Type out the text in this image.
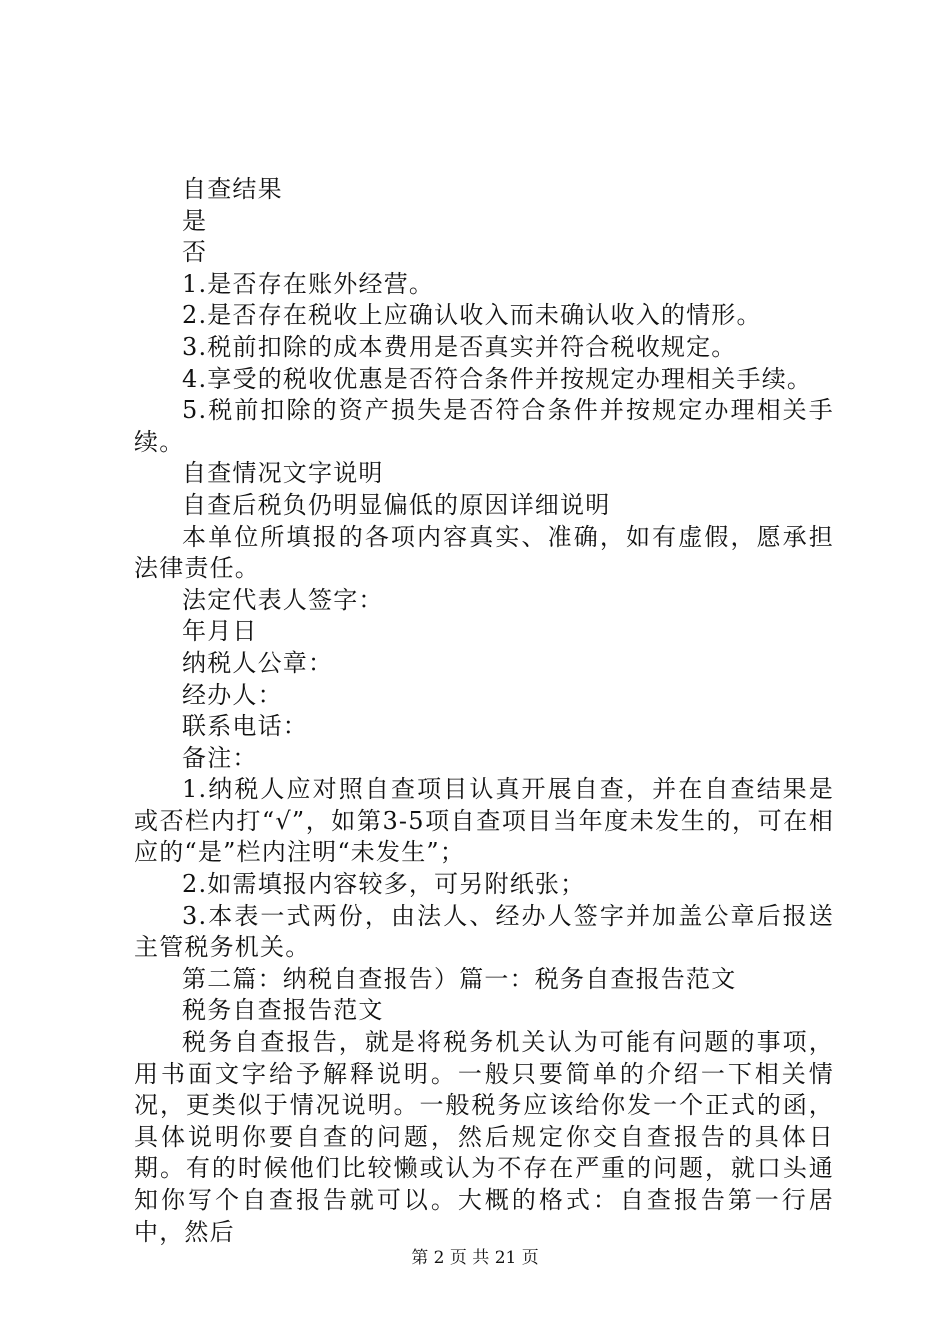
自查结果

是

否

1.是否存在账外经营。

2.是否存在税收上应确认收入而未确认收入的情形。

3.税前扣除的成本费用是否真实并符合税收规定。

4.享受的税收优惠是否符合条件并按规定办理相关手续。

5.税前扣除的资产损失是否符合条件并按规定办理相关手续。

自查情况文字说明

自查后税负仍明显偏低的原因详细说明

本单位所填报的各项内容真实、准确，如有虚假，愿承担法律责任。

法定代表人签字：

年月日

纳税人公章：

经办人：

联系电话：

备注：

1.纳税人应对照自查项目认真开展自查，并在自查结果是或否栏内打“√”，如第3-5项自查项目当年度未发生的，可在相应的“是”栏内注明“未发生”；

2.如需填报内容较多，可另附纸张；

3.本表一式两份，由法人、经办人签字并加盖公章后报送主管税务机关。

第二篇：纳税自查报告）篇一：税务自查报告范文

税务自查报告范文

税务自查报告，就是将税务机关认为可能有问题的事项，用书面文字给予解释说明。一般只要简单的介绍一下相关情况，更类似于情况说明。一般税务应该给你发一个正式的函，具体说明你要自查的问题，然后规定你交自查报告的具体日期。有的时候他们比较懒或认为不存在严重的问题，就口头通知你写个自查报告就可以。大概的格式：自查报告第一行居中，然后

第 2 页 共 21 页
